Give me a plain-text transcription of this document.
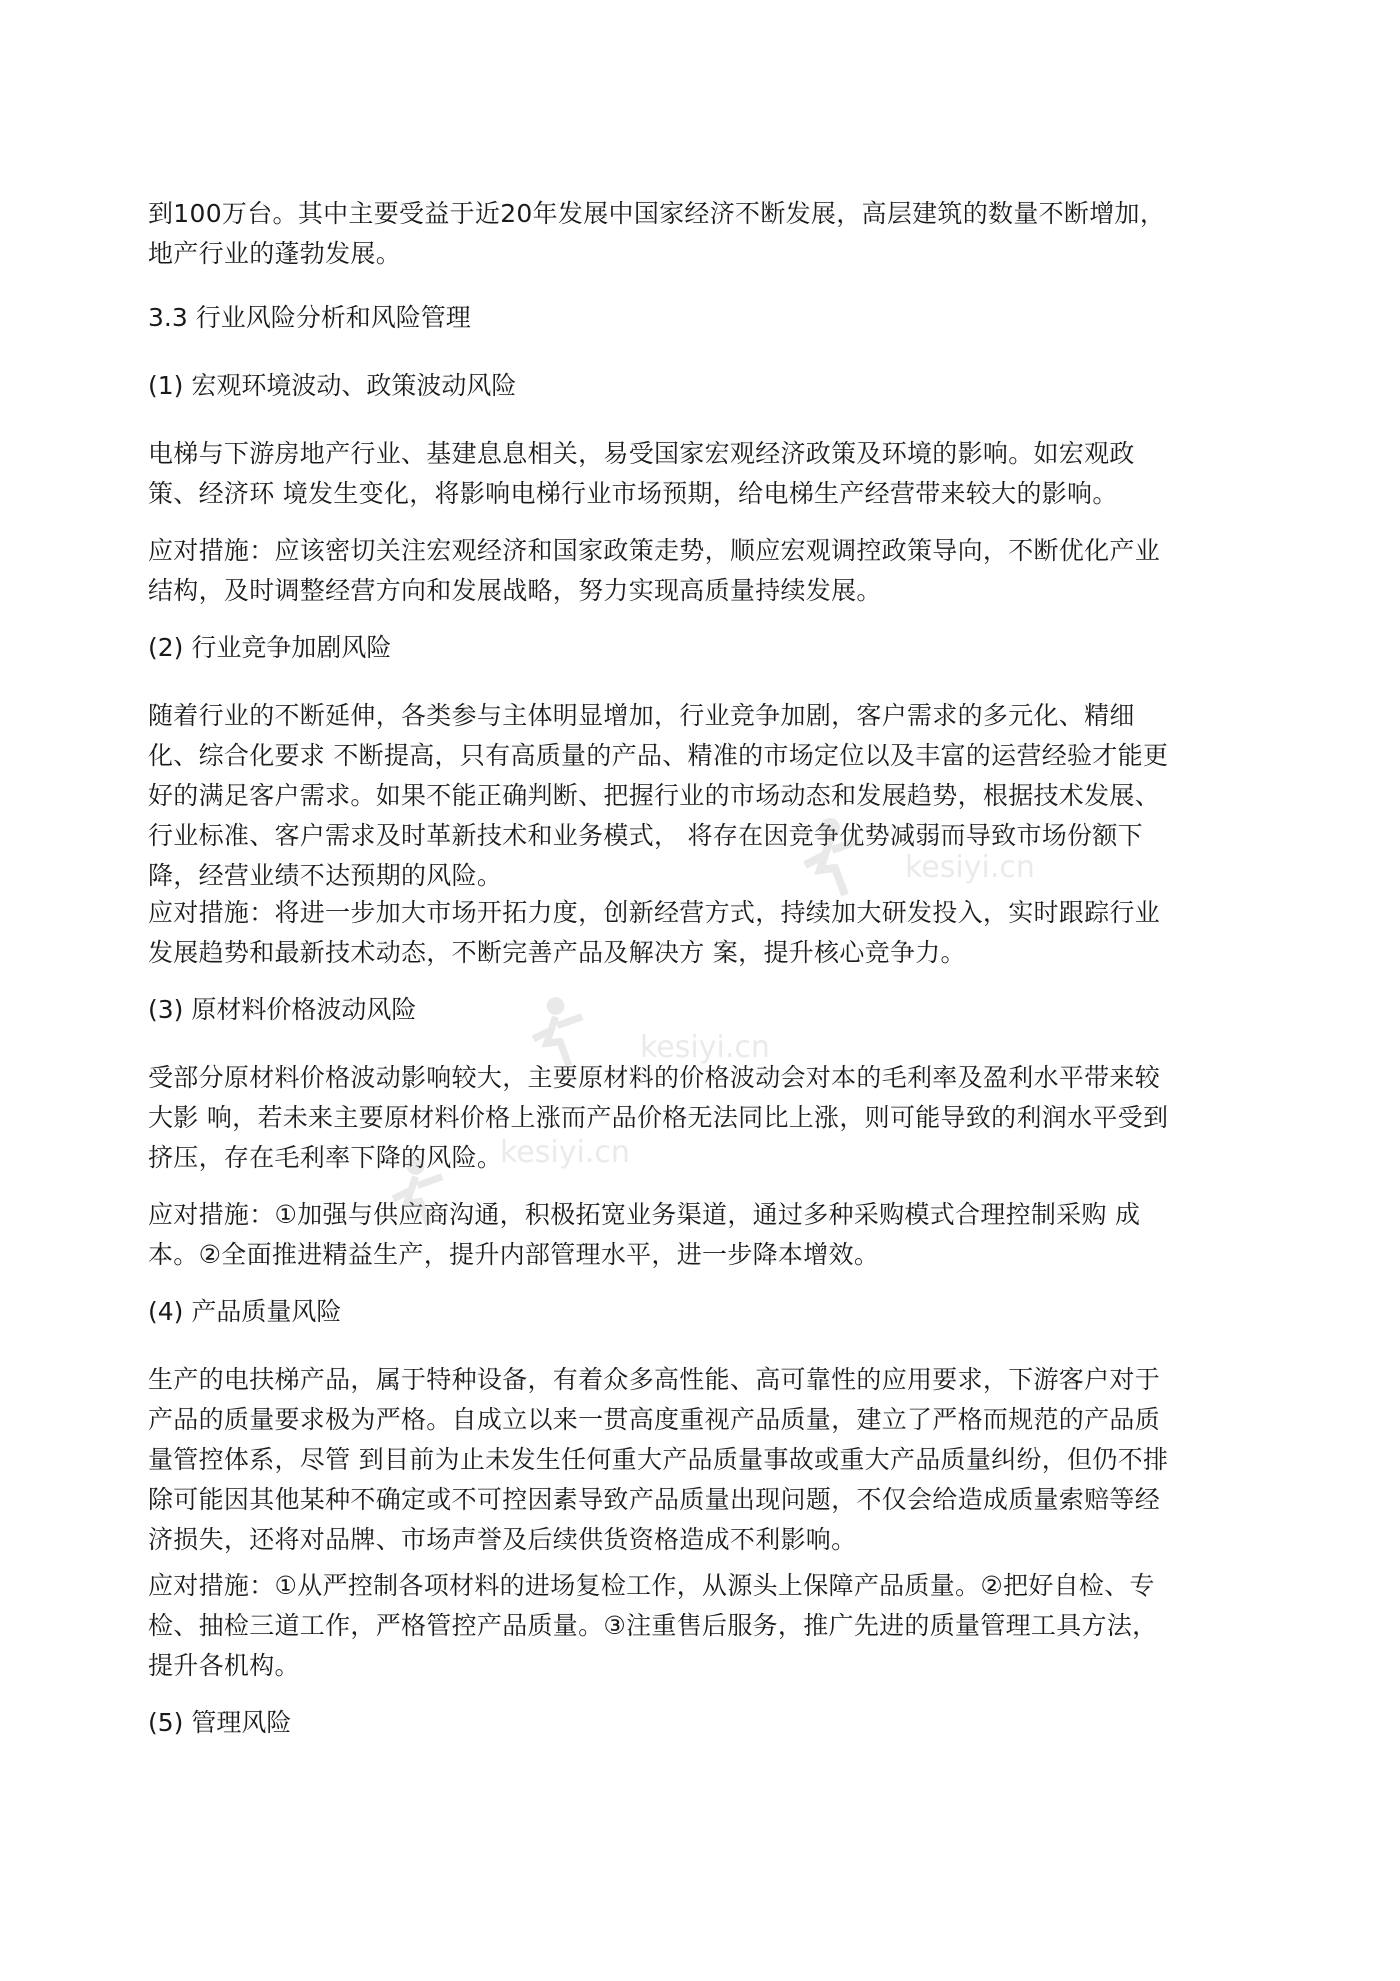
到100万台。其中主要受益于近20年发展中国家经济不断发展，高层建筑的数量不断增加，
地产行业的蓬勃发展。

3.3 行业风险分析和风险管理
(1) 宏观环境波动、政策波动风险

电梯与下游房地产行业、基建息息相关，易受国家宏观经济政策及环境的影响。如宏观政
策、经济环 境发生变化，将影响电梯行业市场预期，给电梯生产经营带来较大的影响。

应对措施：应该密切关注宏观经济和国家政策走势，顺应宏观调控政策导向，不断优化产业
结构，及时调整经营方向和发展战略，努力实现高质量持续发展。

(2) 行业竞争加剧风险

随着行业的不断延伸，各类参与主体明显增加，行业竞争加剧，客户需求的多元化、精细
化、综合化要求 不断提高，只有高质量的产品、精准的市场定位以及丰富的运营经验才能更
好的满足客户需求。如果不能正确判断、把握行业的市场动态和发展趋势，根据技术发展、
行业标准、客户需求及时革新技术和业务模式， 将存在因竞争优势减弱而导致市场份额下
降，经营业绩不达预期的风险。

应对措施：将进一步加大市场开拓力度，创新经营方式，持续加大研发投入，实时跟踪行业
发展趋势和最新技术动态，不断完善产品及解决方 案，提升核心竞争力。

(3) 原材料价格波动风险

受部分原材料价格波动影响较大，主要原材料的价格波动会对本的毛利率及盈利水平带来较
大影 响，若未来主要原材料价格上涨而产品价格无法同比上涨，则可能导致的利润水平受到
挤压，存在毛利率下降的风险。

应对措施：①加强与供应商沟通，积极拓宽业务渠道，通过多种采购模式合理控制采购 成
本。②全面推进精益生产，提升内部管理水平，进一步降本增效。

(4) 产品质量风险

生产的电扶梯产品，属于特种设备，有着众多高性能、高可靠性的应用要求，下游客户对于
产品的质量要求极为严格。自成立以来一贯高度重视产品质量，建立了严格而规范的产品质
量管控体系，尽管 到目前为止未发生任何重大产品质量事故或重大产品质量纠纷，但仍不排
除可能因其他某种不确定或不可控因素导致产品质量出现问题，不仅会给造成质量索赔等经
济损失，还将对品牌、市场声誉及后续供货资格造成不利影响。

应对措施：①从严控制各项材料的进场复检工作，从源头上保障产品质量。②把好自检、专
检、抽检三道工作，严格管控产品质量。③注重售后服务，推广先进的质量管理工具方法，
提升各机构。

(5) 管理风险
kesiyi.cn
kesiyi.cn
kesiyi.cn
